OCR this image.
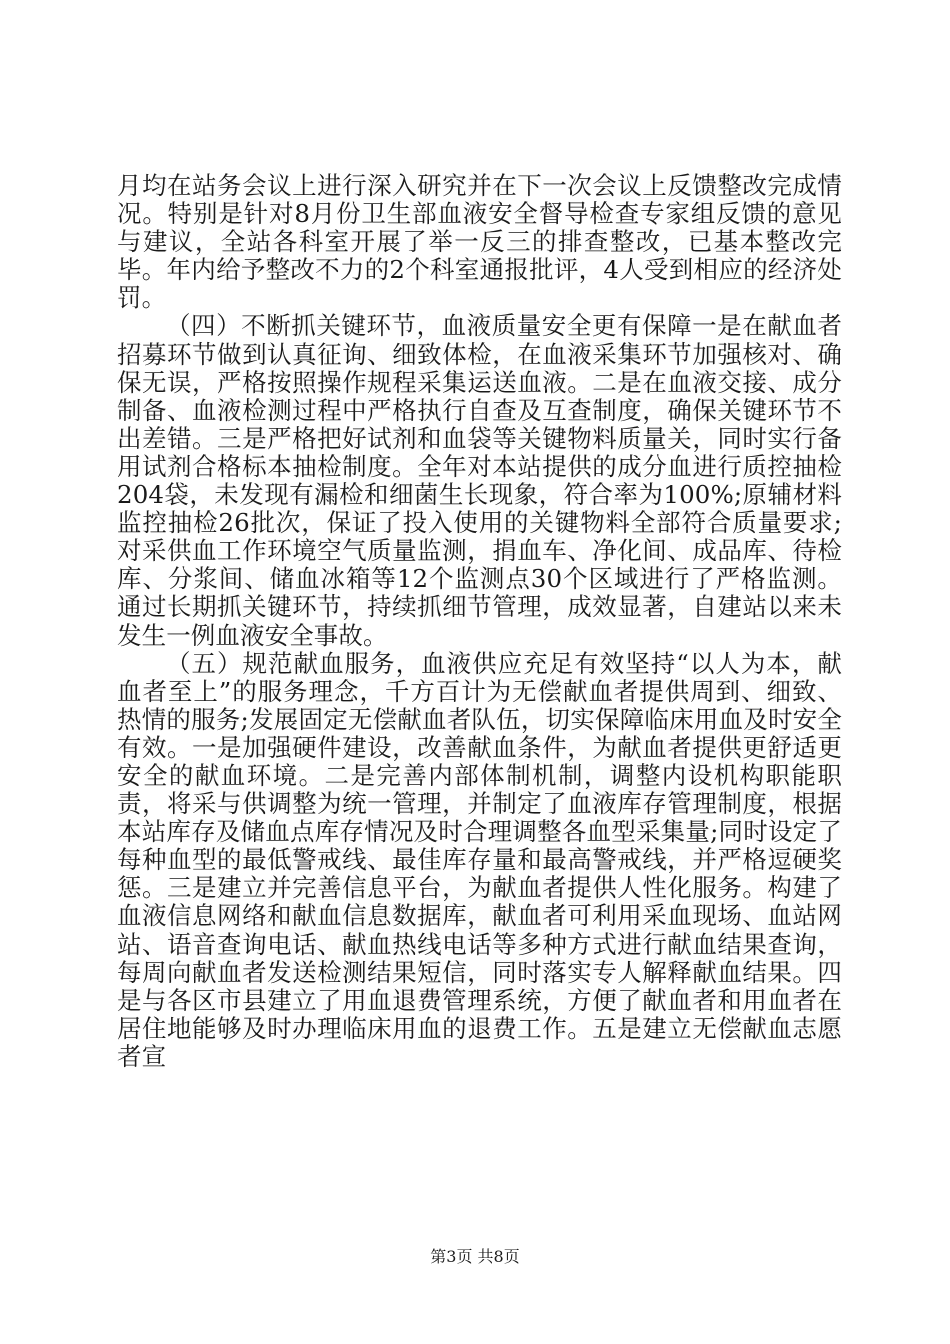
月均在站务会议上进行深入研究并在下一次会议上反馈整改完成情况。特别是针对8月份卫生部血液安全督导检查专家组反馈的意见与建议，全站各科室开展了举一反三的排查整改，已基本整改完毕。年内给予整改不力的2个科室通报批评，4人受到相应的经济处罚。

（四）不断抓关键环节，血液质量安全更有保障一是在献血者招募环节做到认真征询、细致体检，在血液采集环节加强核对、确保无误，严格按照操作规程采集运送血液。二是在血液交接、成分制备、血液检测过程中严格执行自查及互查制度，确保关键环节不出差错。三是严格把好试剂和血袋等关键物料质量关，同时实行备用试剂合格标本抽检制度。全年对本站提供的成分血进行质控抽检204袋，未发现有漏检和细菌生长现象，符合率为100%;原辅材料监控抽检26批次，保证了投入使用的关键物料全部符合质量要求;对采供血工作环境空气质量监测，捐血车、净化间、成品库、待检库、分浆间、储血冰箱等12个监测点30个区域进行了严格监测。通过长期抓关键环节，持续抓细节管理，成效显著，自建站以来未发生一例血液安全事故。

（五）规范献血服务，血液供应充足有效坚持“以人为本，献血者至上”的服务理念，千方百计为无偿献血者提供周到、细致、热情的服务;发展固定无偿献血者队伍，切实保障临床用血及时安全有效。一是加强硬件建设，改善献血条件，为献血者提供更舒适更安全的献血环境。二是完善内部体制机制，调整内设机构职能职责，将采与供调整为统一管理，并制定了血液库存管理制度，根据本站库存及储血点库存情况及时合理调整各血型采集量;同时设定了每种血型的最低警戒线、最佳库存量和最高警戒线，并严格逗硬奖惩。三是建立并完善信息平台，为献血者提供人性化服务。构建了血液信息网络和献血信息数据库，献血者可利用采血现场、血站网站、语音查询电话、献血热线电话等多种方式进行献血结果查询，每周向献血者发送检测结果短信，同时落实专人解释献血结果。四是与各区市县建立了用血退费管理系统，方便了献血者和用血者在居住地能够及时办理临床用血的退费工作。五是建立无偿献血志愿者宣

第3页 共8页
